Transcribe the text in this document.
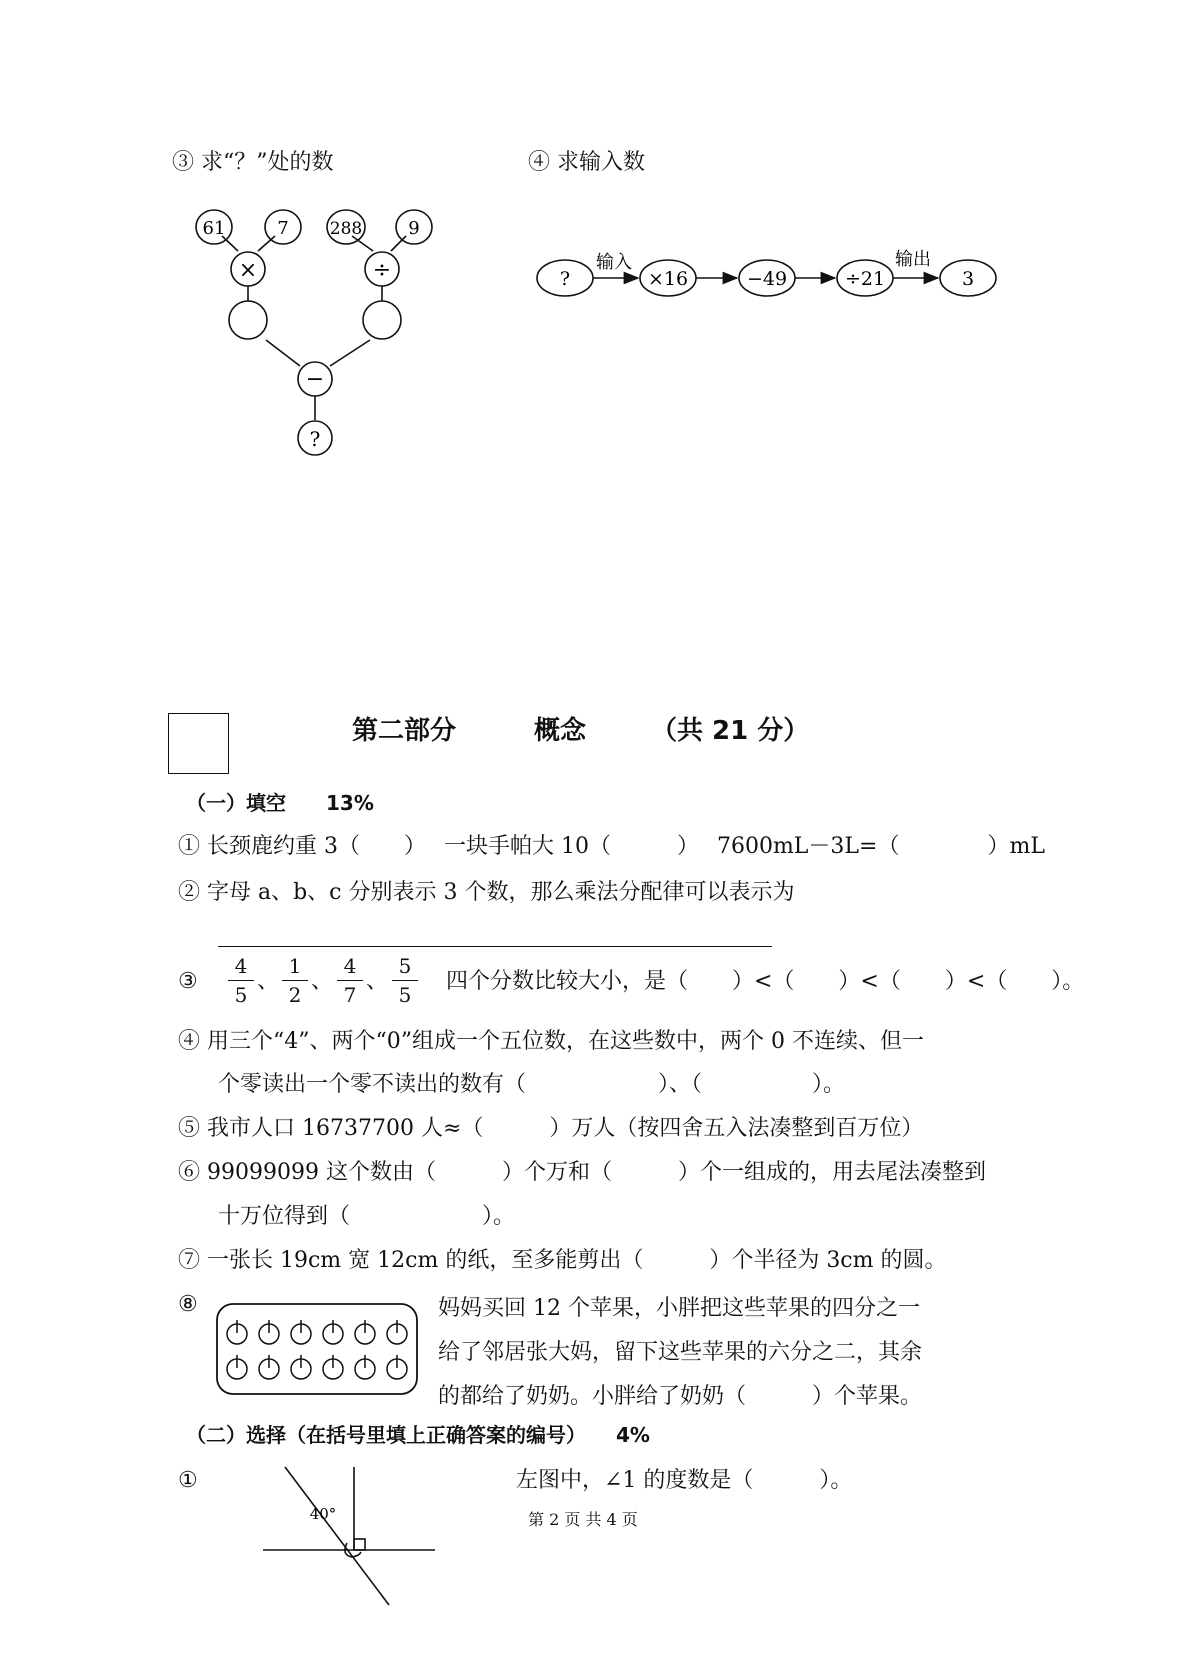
③ 求“？”处的数	④ 求输入数
61	7 288	9
×	÷
−
?
?
输入
×16	−49	÷21
输出
3
第二部分　　　概念　　　（共 21 分）
（一）填空　　13%
① 长颈鹿约重 3（　　）　 一块手帕大 10（　　　）　 7600mL－3L=（　　　　）mL
② 字母 a、b、c 分别表示 3 个数，那么乘法分配律可以表示为
③
4
5
、
1
2
、
4
7
、
5
5
四个分数比较大小，是（　　）<（　　）<（　　）<（　　）。
④ 用三个“4”、两个“0”组成一个五位数，在这些数中，两个 0 不连续、但一
个零读出一个零不读出的数有（　　　　　　）、（　　　　　）。
⑤ 我市人口 16737700 人≈（　　　）万人（按四舍五入法凑整到百万位）
⑥ 99099099 这个数由（　　　）个万和（　　　）个一组成的，用去尾法凑整到
十万位得到（　　　　　　）。
⑦ 一张长 19cm 宽 12cm 的纸，至多能剪出（　　　）个半径为 3cm 的圆。
⑧	妈妈买回 12 个苹果，小胖把这些苹果的四分之一
给了邻居张大妈，留下这些苹果的六分之二，其余
的都给了奶奶。小胖给了奶奶（　　　）个苹果。
（二）选择（在括号里填上正确答案的编号）　　4%
①
40°
左图中，∠1 的度数是（　　　）。
第 2 页 共 4 页
